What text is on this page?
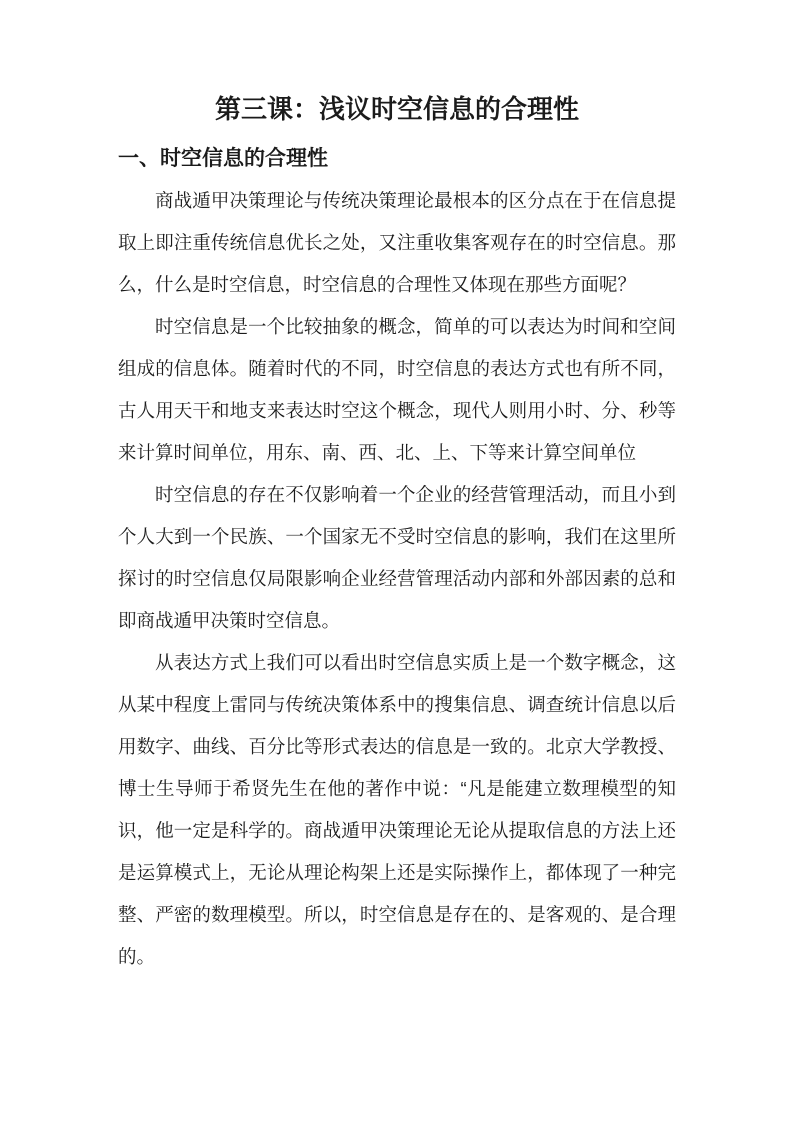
第三课：浅议时空信息的合理性
一、时空信息的合理性

商战遁甲决策理论与传统决策理论最根本的区分点在于在信息提取上即注重传统信息优长之处，又注重收集客观存在的时空信息。那么，什么是时空信息，时空信息的合理性又体现在那些方面呢？

时空信息是一个比较抽象的概念，简单的可以表达为时间和空间组成的信息体。随着时代的不同，时空信息的表达方式也有所不同，古人用天干和地支来表达时空这个概念，现代人则用小时、分、秒等来计算时间单位，用东、南、西、北、上、下等来计算空间单位

时空信息的存在不仅影响着一个企业的经营管理活动，而且小到个人大到一个民族、一个国家无不受时空信息的影响，我们在这里所探讨的时空信息仅局限影响企业经营管理活动内部和外部因素的总和即商战遁甲决策时空信息。

从表达方式上我们可以看出时空信息实质上是一个数字概念，这从某中程度上雷同与传统决策体系中的搜集信息、调查统计信息以后用数字、曲线、百分比等形式表达的信息是一致的。北京大学教授、博士生导师于希贤先生在他的著作中说：“凡是能建立数理模型的知识，他一定是科学的。商战遁甲决策理论无论从提取信息的方法上还是运算模式上，无论从理论构架上还是实际操作上，都体现了一种完整、严密的数理模型。所以，时空信息是存在的、是客观的、是合理的。
